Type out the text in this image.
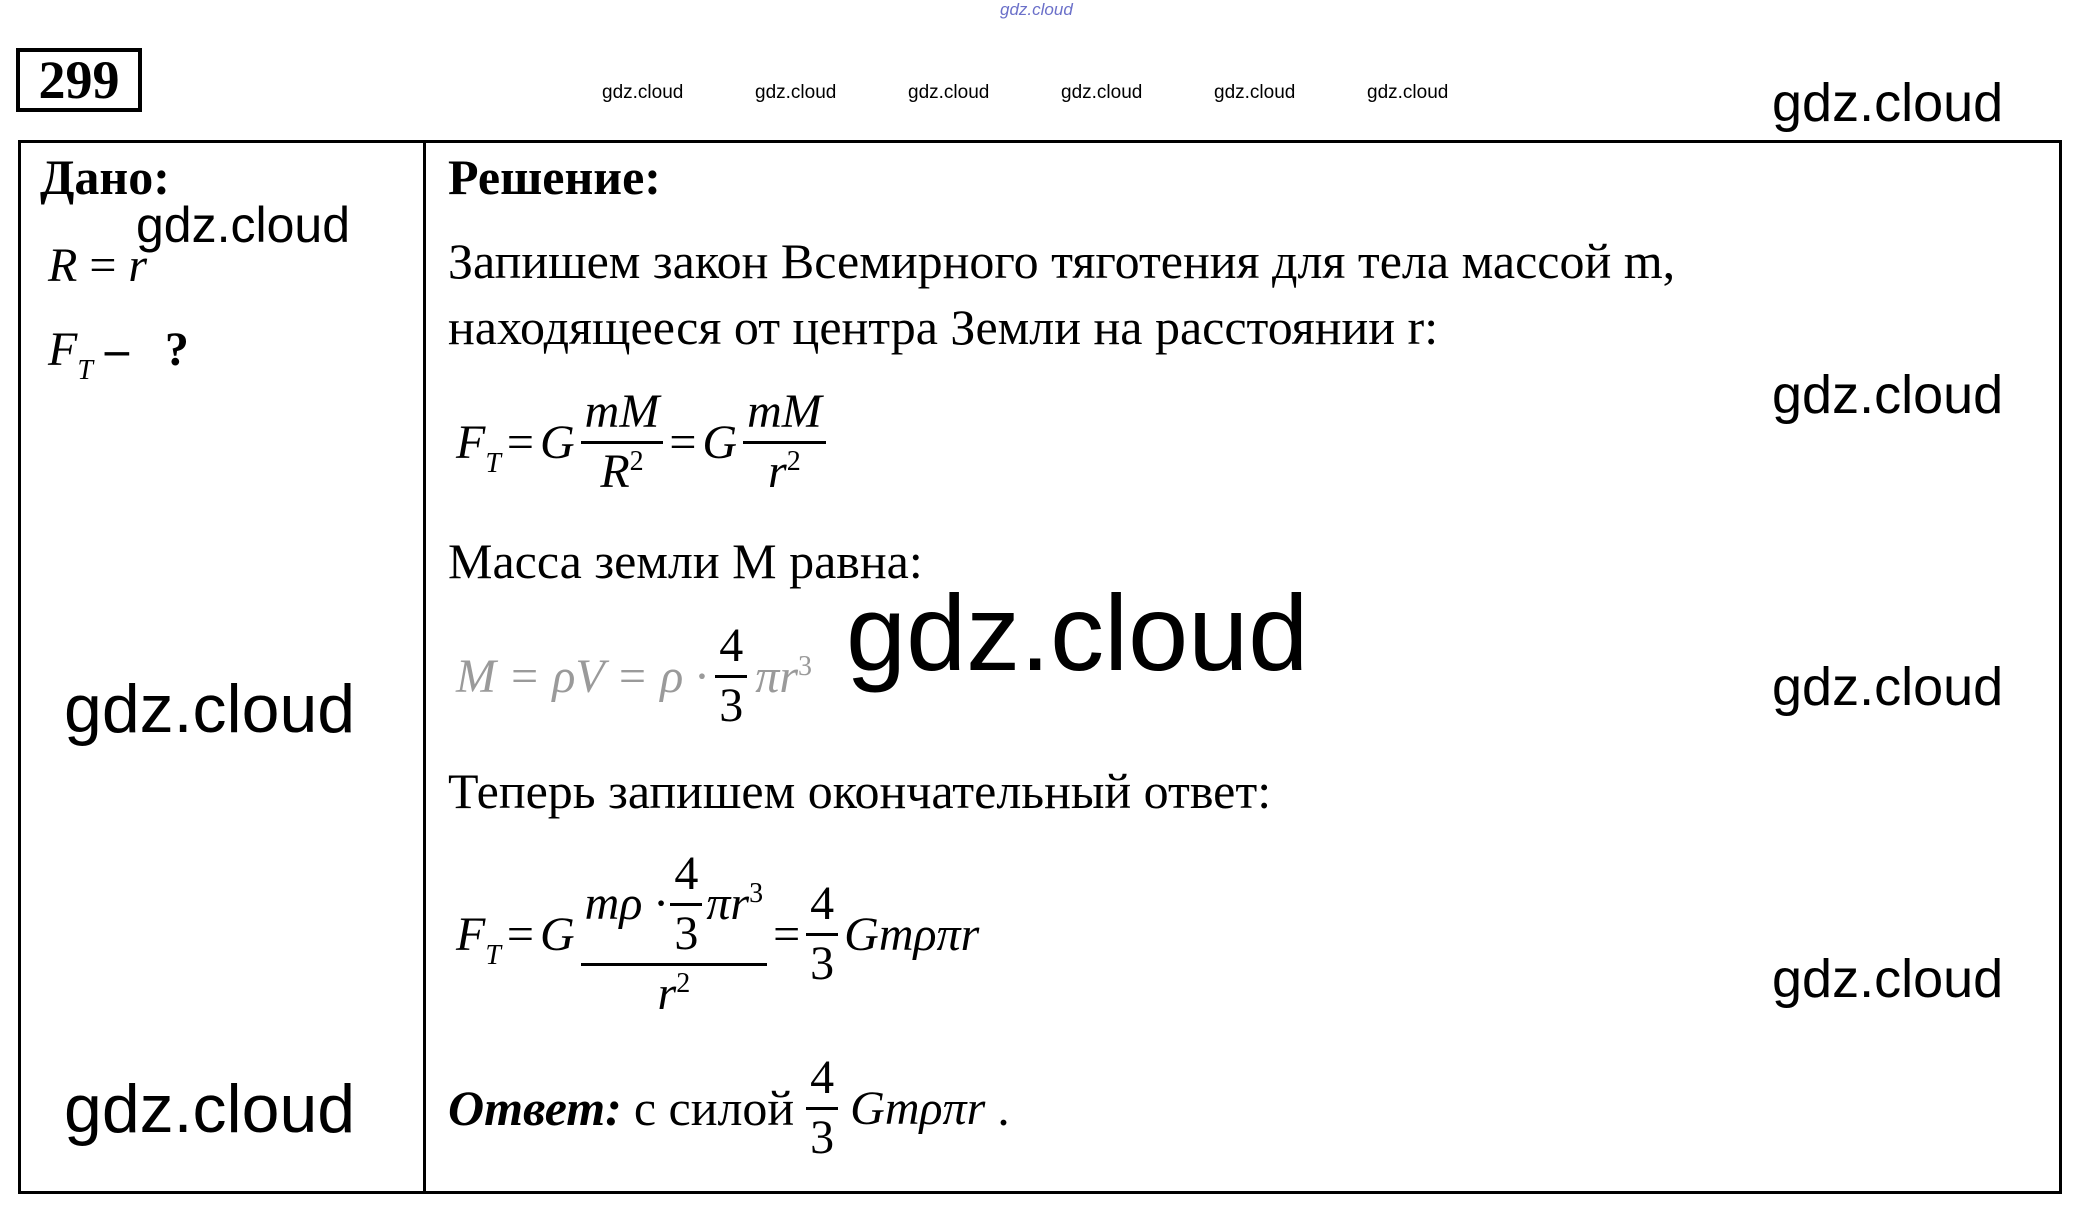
gdz.cloud
299	gdz.cloud	gdz.cloud	gdz.cloud	gdz.cloud	gdz.cloud	gdz.cloud
Дано:
R = r
$F_T$ – ?
Решение:
Запишем закон Всемирного тяготения для тела массой m,
находящееся от центра Земли на расстоянии r:
$F_T = G \frac{mM}{R^2} = G \frac{mM}{r^2}$
Масса земли М равна:
$M = \rho V = \rho \cdot \frac{4}{3} \pi r^3$
Теперь запишем окончательный ответ:
$F_T = G \frac{m\rho \cdot \frac{4}{3} \pi r^3}{r^2} = \frac{4}{3}$ Gmρπr
Ответ: с силой $\frac{4}{3}$ Gmρπr .
gdz.cloud
gdz.cloud
gdz.cloud
gdz.cloud
gdz.cloud
gdz.cloud
gdz.cloud
gdz.cloud
